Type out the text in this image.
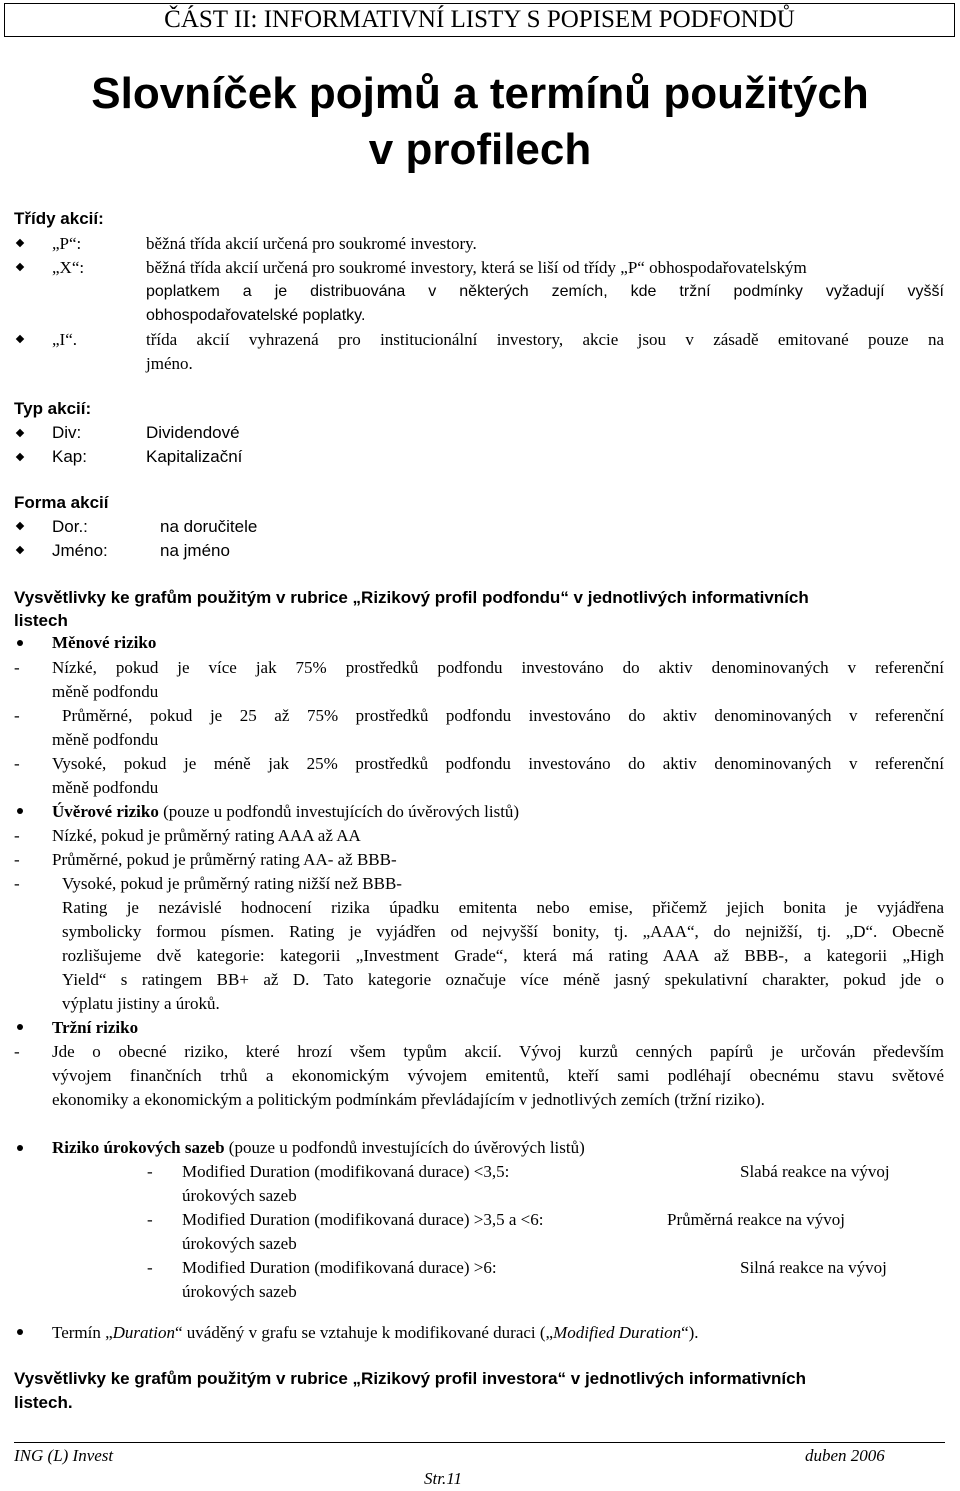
ČÁST II: INFORMATIVNÍ LISTY S POPISEM PODFONDŮ
Slovníček pojmů a termínů použitých
v profilech
Třídy akcií:
„P“:	běžná třída akcií určená pro soukromé investory.
„X“:	běžná třída akcií určená pro soukromé investory, která se liší od třídy „P“ obhospodařovatelským
poplatkem a je distribuována v některých zemích, kde tržní podmínky vyžadují vyšší
obhospodařovatelské poplatky.
„I“.	třída akcií vyhrazená pro institucionální investory, akcie jsou v zásadě emitované pouze na
jméno.
Typ akcií:
Div:	Dividendové
Kap:	Kapitalizační
Forma akcií
Dor.:	na doručitele
Jméno:	na jméno
Vysvětlivky ke grafům použitým v rubrice „Rizikový profil podfondu“ v jednotlivých informativních
listech
Měnové riziko
- Nízké, pokud je více jak 75% prostředků podfondu investováno do aktiv denominovaných v referenční
měně podfondu
- Průměrné, pokud je 25 až 75% prostředků podfondu investováno do aktiv denominovaných v referenční
měně podfondu
- Vysoké, pokud je méně jak 25% prostředků podfondu investováno do aktiv denominovaných v referenční
měně podfondu
Úvěrové riziko (pouze u podfondů investujících do úvěrových listů)
- Nízké, pokud je průměrný rating AAA až AA
- Průměrné, pokud je průměrný rating AA- až BBB-
- Vysoké, pokud je průměrný rating nižší než BBB-
Rating je nezávislé hodnocení rizika úpadku emitenta nebo emise, přičemž jejich bonita je vyjádřena
symbolicky formou písmen. Rating je vyjádřen od nejvyšší bonity, tj. „AAA“, do nejnižší, tj. „D“. Obecně
rozlišujeme dvě kategorie: kategorii „Investment Grade“, která má rating AAA až BBB-, a kategorii „High
Yield“ s ratingem BB+ až D. Tato kategorie označuje více méně jasný spekulativní charakter, pokud jde o
výplatu jistiny a úroků.
Tržní riziko
- Jde o obecné riziko, které hrozí všem typům akcií. Vývoj kurzů cenných papírů je určován především
vývojem finančních trhů a ekonomickým vývojem emitentů, kteří sami podléhají obecnému stavu světové
ekonomiky a ekonomickým a politickým podmínkám převládajícím v jednotlivých zemích (tržní riziko).
Riziko úrokových sazeb (pouze u podfondů investujících do úvěrových listů)
- Modified Duration (modifikovaná durace) <3,5:	Slabá reakce na vývoj
úrokových sazeb
- Modified Duration (modifikovaná durace) >3,5 a <6:	Průměrná reakce na vývoj
úrokových sazeb
- Modified Duration (modifikovaná durace) >6:	Silná reakce na vývoj
úrokových sazeb
Termín „Duration“ uváděný v grafu se vztahuje k modifikované duraci („Modified Duration“).
Vysvětlivky ke grafům použitým v rubrice „Rizikový profil investora“ v jednotlivých informativních
listech.
ING (L) Invest	duben 2006
Str.11
